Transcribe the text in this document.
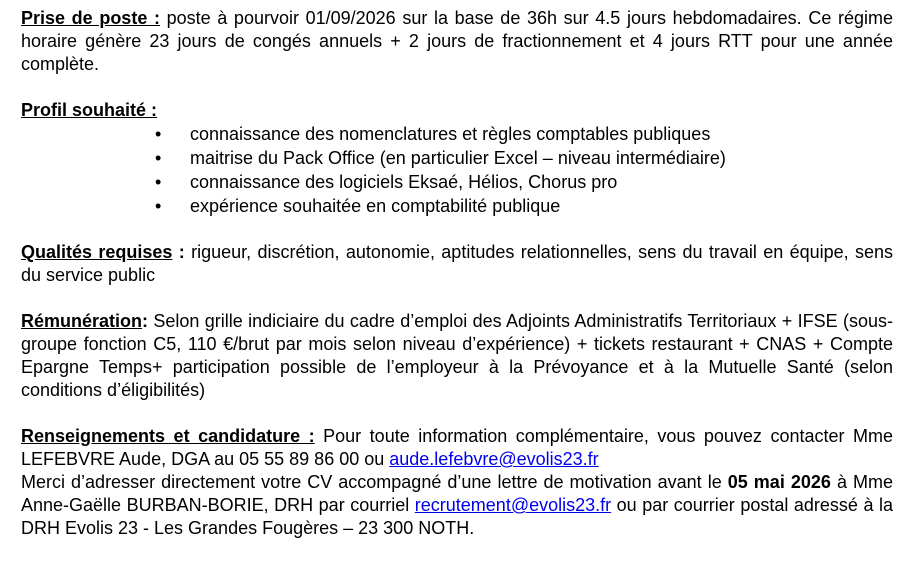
Prise de poste : poste à pourvoir 01/09/2026 sur la base de 36h sur 4.5 jours hebdomadaires. Ce régime horaire génère 23 jours de congés annuels + 2 jours de fractionnement et 4 jours RTT pour une année complète.
Profil souhaité :
• connaissance des nomenclatures et règles comptables publiques
• maitrise du Pack Office (en particulier Excel – niveau intermédiaire)
• connaissance des logiciels Eksaé, Hélios, Chorus pro
• expérience souhaitée en comptabilité publique
Qualités requises : rigueur, discrétion, autonomie, aptitudes relationnelles, sens du travail en équipe, sens du service public
Rémunération: Selon grille indiciaire du cadre d’emploi des Adjoints Administratifs Territoriaux + IFSE (sous-groupe fonction C5, 110 €/brut par mois selon niveau d’expérience) + tickets restaurant + CNAS + Compte Epargne Temps+ participation possible de l’employeur à la Prévoyance et à la Mutuelle Santé (selon conditions d’éligibilités)
Renseignements et candidature : Pour toute information complémentaire, vous pouvez contacter Mme LEFEBVRE Aude, DGA au 05 55 89 86 00 ou aude.lefebvre@evolis23.fr
Merci d’adresser directement votre CV accompagné d’une lettre de motivation avant le 05 mai 2026 à Mme Anne-Gaëlle BURBAN-BORIE, DRH par courriel recrutement@evolis23.fr ou par courrier postal adressé à la DRH Evolis 23 - Les Grandes Fougères – 23 300 NOTH.
